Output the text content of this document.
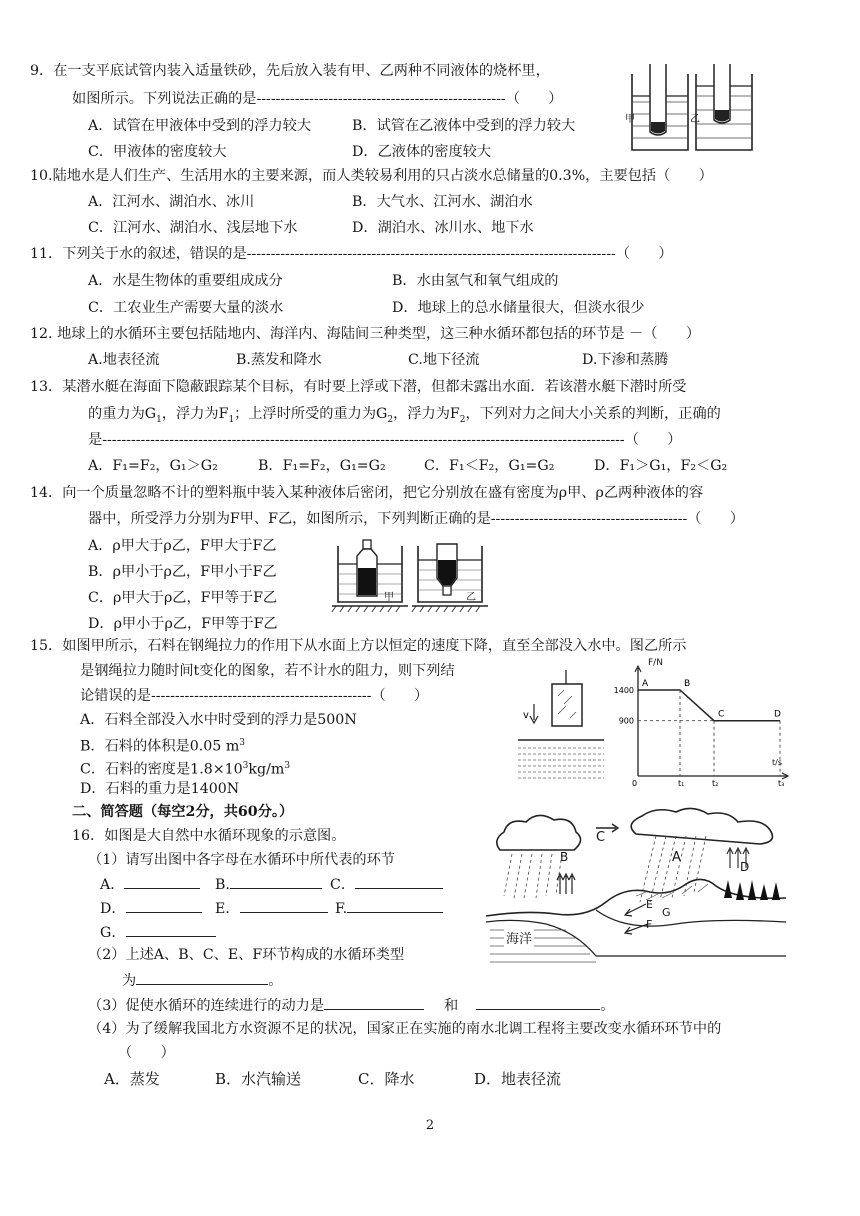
9．在一支平底试管内装入适量铁砂，先后放入装有甲、乙两种不同液体的烧杯里，
如图所示。下列说法正确的是----------------------------------------------------（　　）
A．试管在甲液体中受到的浮力较大	B．试管在乙液体中受到的浮力较大
C．甲液体的密度较大	D．乙液体的密度较大
甲	乙
10.陆地水是人们生产、生活用水的主要来源，而人类较易利用的只占淡水总储量的0.3%，主要包括（　　）
A．江河水、湖泊水、冰川	B．大气水、江河水、湖泊水
C．江河水、湖泊水、浅层地下水	D．湖泊水、冰川水、地下水
11．下列关于水的叙述，错误的是-----------------------------------------------------------------------------（　　）
A．水是生物体的重要组成成分	B．水由氢气和氧气组成的
C．工农业生产需要大量的淡水	D．地球上的总水储量很大，但淡水很少
12. 地球上的水循环主要包括陆地内、海洋内、海陆间三种类型，这三种水循环都包括的环节是 －（　　）
A.地表径流	B.蒸发和降水	C.地下径流	D.下渗和蒸腾
13．某潜水艇在海面下隐蔽跟踪某个目标，有时要上浮或下潜，但都未露出水面．若该潜水艇下潜时所受
的重力为$G_1$，浮力为$F_1$；上浮时所受的重力为$G_2$，浮力为$F_2$，下列对力之间大小关系的判断，正确的
是-------------------------------------------------------------------------------------------------------------（　　）
A．F₁=F₂，G₁＞G₂	B．F₁=F₂，G₁=G₂	C．F₁＜F₂，G₁=G₂	D．F₁＞G₁，F₂＜G₂
14．向一个质量忽略不计的塑料瓶中装入某种液体后密闭，把它分别放在盛有密度为ρ甲、ρ乙两种液体的容
器中，所受浮力分别为F甲、F乙，如图所示，下列判断正确的是-----------------------------------------（　　）
A．ρ甲大于ρ乙，F甲大于F乙
B．ρ甲小于ρ乙，F甲小于F乙
C．ρ甲大于ρ乙，F甲等于F乙
D．ρ甲小于ρ乙，F甲等于F乙
A
甲	乙
15．如图甲所示，石料在钢绳拉力的作用下从水面上方以恒定的速度下降，直至全部没入水中。图乙所示
是钢绳拉力随时间t变化的图象，若不计水的阻力，则下列结
论错误的是----------------------------------------------（　　）
A．石料全部没入水中时受到的浮力是500N
B．石料的体积是0.05 $m^3$
C．石料的密度是$1.8\times 10^3kg/m^3$
D．石料的重力是1400N
v
A	B
C	D
1400
900
0	t₁	t₂	t₃
F/N
t/s
二、简答题（每空2分，共60分。）
16．如图是大自然中水循环现象的示意图。
（1）请写出图中各字母在水循环中所代表的环节
A．	B.	C．
D．	E．	F.
G．
（2）上述A、B、C、E、F环节构成的水循环类型
为	。
（3）促使水循环的连续进行的动力是	和	。
（4）为了缓解我国北方水资源不足的状况，国家正在实施的南水北调工程将主要改变水循环环节中的
（　　）
A．蒸发	B．水汽输送	C．降水	D．地表径流
B
C
A
D
E
F
G
海洋
2
